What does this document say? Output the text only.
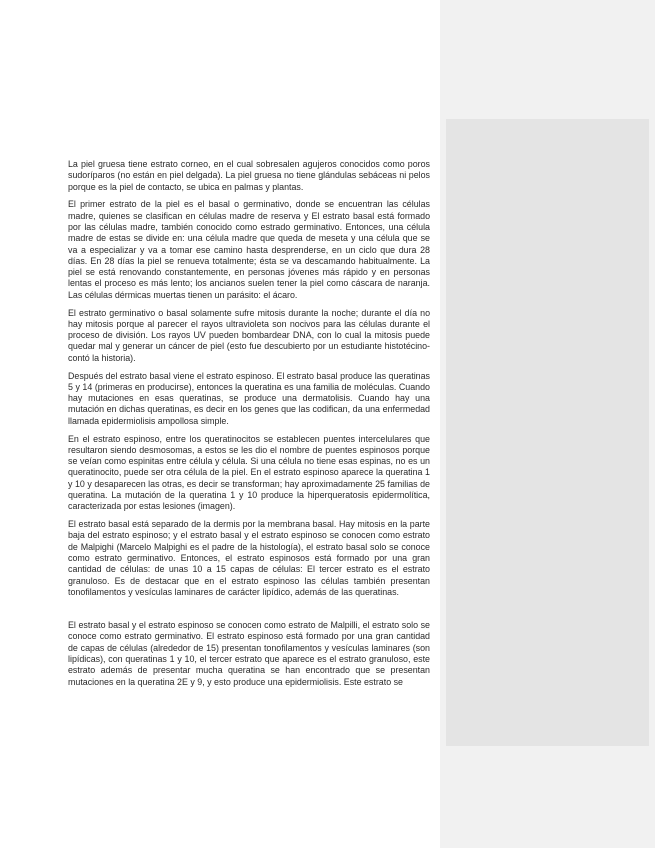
La piel gruesa tiene estrato corneo, en el cual sobresalen agujeros conocidos como poros sudoríparos (no están en piel delgada). La piel gruesa no tiene glándulas sebáceas ni pelos porque es la piel de contacto, se ubica en palmas y plantas.

El primer estrato de la piel es el basal o germinativo, donde se encuentran las células madre, quienes se clasifican en células madre de reserva y El estrato basal está formado por las células madre, también conocido como estrado germinativo. Entonces, una célula madre de estas se divide en: una célula madre que queda de meseta y una célula que se va a especializar y va a tomar ese camino hasta desprenderse, en un ciclo que dura 28 días. En 28 días la piel se renueva totalmente; ésta se va descamando habitualmente. La piel se está renovando constantemente, en personas jóvenes más rápido y en personas lentas el proceso es más lento; los ancianos suelen tener la piel como cáscara de naranja. Las células dérmicas muertas tienen un parásito: el ácaro.

El estrato germinativo o basal solamente sufre mitosis durante la noche; durante el día no hay mitosis porque al parecer el rayos ultravioleta son nocivos para las células durante el proceso de división. Los rayos UV pueden bombardear DNA, con lo cual la mitosis puede quedar mal y generar un cáncer de piel (esto fue descubierto por un estudiante histotécino- contó la historia).

Después del estrato basal viene el estrato espinoso. El estrato basal produce las queratinas 5 y 14 (primeras en producirse), entonces la queratina es una familia de moléculas. Cuando hay mutaciones en esas queratinas, se produce una dermatolisis. Cuando hay una mutación en dichas queratinas, es decir en los genes que las codifican, da una enfermedad llamada epidermiolisis ampollosa simple.

En el estrato espinoso, entre los queratinocitos se establecen puentes intercelulares que resultaron siendo desmosomas, a estos se les dio el nombre de puentes espinosos porque se veían como espinitas entre célula y célula. Si una célula no tiene esas espinas, no es un queratinocito, puede ser otra célula de la piel. En el estrato espinoso aparece la queratina 1 y 10 y desaparecen las otras, es decir se transforman; hay aproximadamente 25 familias de queratina. La mutación de la queratina 1 y 10 produce la hiperqueratosis epidermolítica, caracterizada por estas lesiones (imagen).

El estrato basal está separado de la dermis por la membrana basal. Hay mitosis en la parte baja del estrato espinoso; y el estrato basal y el estrato espinoso se conocen como estrato de Malpighi (Marcelo Malpighi es el padre de la histología), el estrato basal solo se conoce como estrato germinativo. Entonces, el estrato espinosos está formado por una gran cantidad de células: de unas 10 a 15 capas de células: El tercer estrato es el estrato granuloso. Es de destacar que en el estrato espinoso las células también presentan tonofilamentos y vesículas laminares de carácter lipídico, además de las queratinas.

El estrato basal y el estrato espinoso se conocen como estrato de Malpilli, el estrato solo se conoce como estrato germinativo. El estrato espinoso está formado por una gran cantidad de capas de células (alrededor de 15) presentan tonofilamentos y vesículas laminares (son lipídicas), con queratinas 1 y 10, el tercer estrato que aparece es el estrato granuloso, este estrato además de presentar mucha queratina se han encontrado que se presentan mutaciones en la queratina 2E y 9, y esto produce una epidermiolisis. Este estrato se
